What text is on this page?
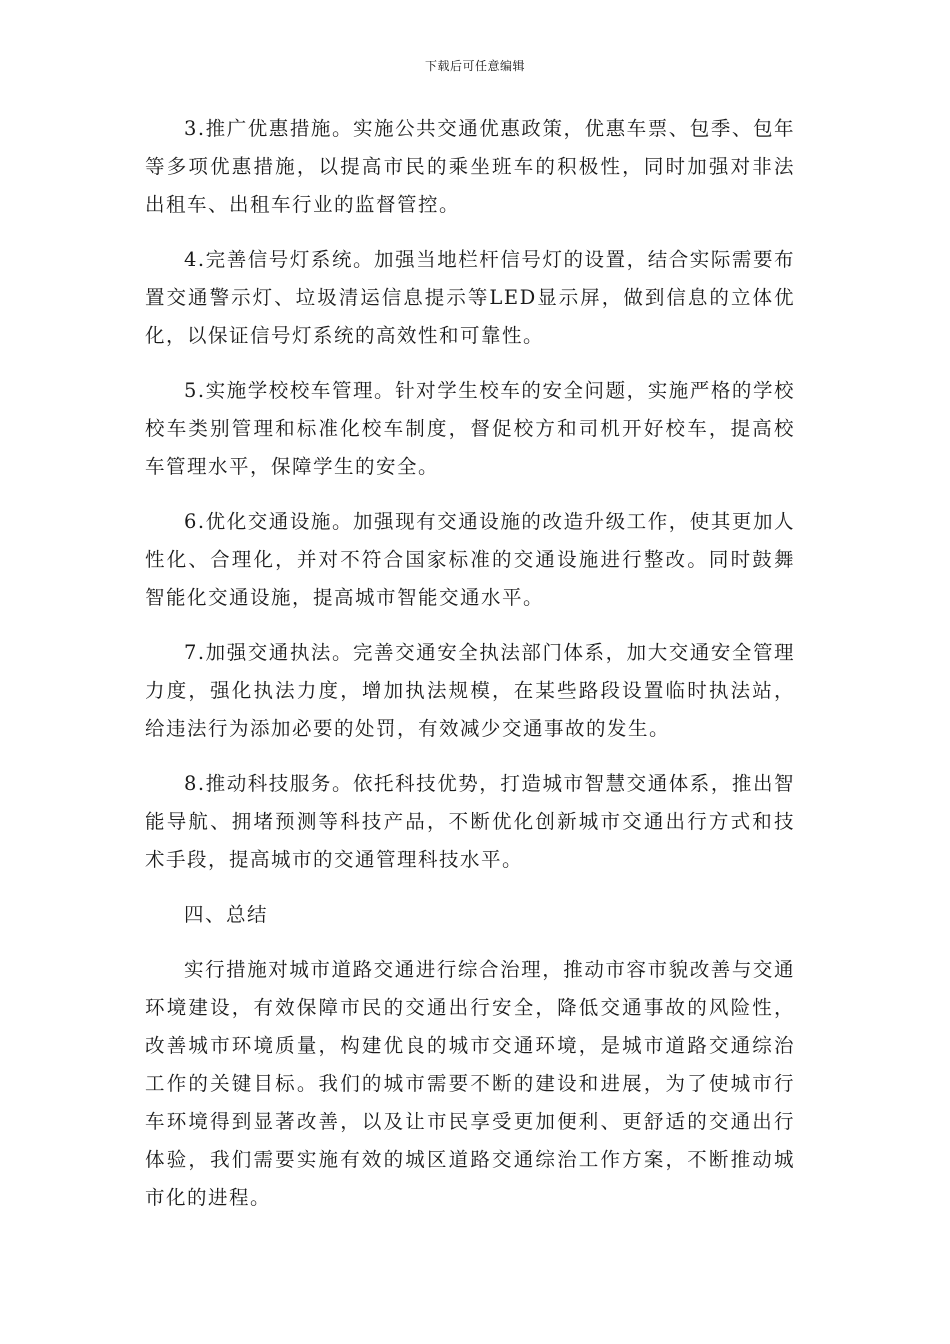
下载后可任意编辑

3.推广优惠措施。实施公共交通优惠政策，优惠车票、包季、包年等多项优惠措施，以提高市民的乘坐班车的积极性，同时加强对非法出租车、出租车行业的监督管控。

4.完善信号灯系统。加强当地栏杆信号灯的设置，结合实际需要布置交通警示灯、垃圾清运信息提示等LED显示屏，做到信息的立体优化，以保证信号灯系统的高效性和可靠性。

5.实施学校校车管理。针对学生校车的安全问题，实施严格的学校校车类别管理和标准化校车制度，督促校方和司机开好校车，提高校车管理水平，保障学生的安全。

6.优化交通设施。加强现有交通设施的改造升级工作，使其更加人性化、合理化，并对不符合国家标准的交通设施进行整改。同时鼓舞智能化交通设施，提高城市智能交通水平。

7.加强交通执法。完善交通安全执法部门体系，加大交通安全管理力度，强化执法力度，增加执法规模，在某些路段设置临时执法站，给违法行为添加必要的处罚，有效减少交通事故的发生。

8.推动科技服务。依托科技优势，打造城市智慧交通体系，推出智能导航、拥堵预测等科技产品，不断优化创新城市交通出行方式和技术手段，提高城市的交通管理科技水平。

四、总结

实行措施对城市道路交通进行综合治理，推动市容市貌改善与交通环境建设，有效保障市民的交通出行安全，降低交通事故的风险性，改善城市环境质量，构建优良的城市交通环境，是城市道路交通综治工作的关键目标。我们的城市需要不断的建设和进展，为了使城市行车环境得到显著改善，以及让市民享受更加便利、更舒适的交通出行体验，我们需要实施有效的城区道路交通综治工作方案，不断推动城市化的进程。
